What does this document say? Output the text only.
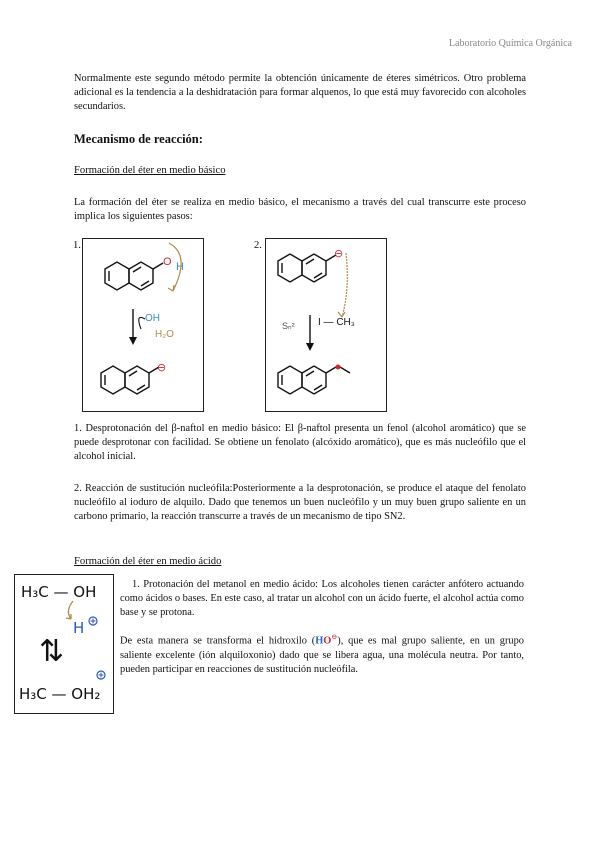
Laboratorio Química Orgánica
Normalmente este segundo método permite la obtención únicamente de éteres simétricos. Otro problema adicional es la tendencia a la deshidratación para formar alquenos, lo que está muy favorecido con alcoholes secundarios.
Mecanismo de reacción:
Formación del éter en medio básico
La formación del éter se realiza en medio básico, el mecanismo a través del cual transcurre este proceso implica los siguientes pasos:
1.
O H
OH
H₂O
⊖
2.
⊖
Sₙ² I — CH₃
1. Desprotonación del β-naftol en medio básico: El β-naftol presenta un fenol (alcohol aromático) que se puede desprotonar con facilidad. Se obtiene un fenolato (alcóxido aromático), que es más nucleófilo que el alcohol inicial.
2. Reacción de sustitución nucleófila:Posteriormente a la desprotonación, se produce el ataque del fenolato nucleófilo al ioduro de alquilo. Dado que tenemos un buen nucleófilo y un muy buen grupo saliente en un carbono primario, la reacción transcurre a través de un mecanismo de tipo SN2.
Formación del éter en medio ácido
H₃C — OH
H
⇅
H₃C — OH₂
1. Protonación del metanol en medio ácido: Los alcoholes tienen carácter anfótero actuando como ácidos o bases. En este caso, al tratar un alcohol con un ácido fuerte, el alcohol actúa como base y se protona.
De esta manera se transforma el hidroxilo (HO⊖), que es mal grupo saliente, en un grupo saliente excelente (ión alquiloxonio) dado que se libera agua, una molécula neutra. Por tanto, pueden participar en reacciones de sustitución nucleófila.
